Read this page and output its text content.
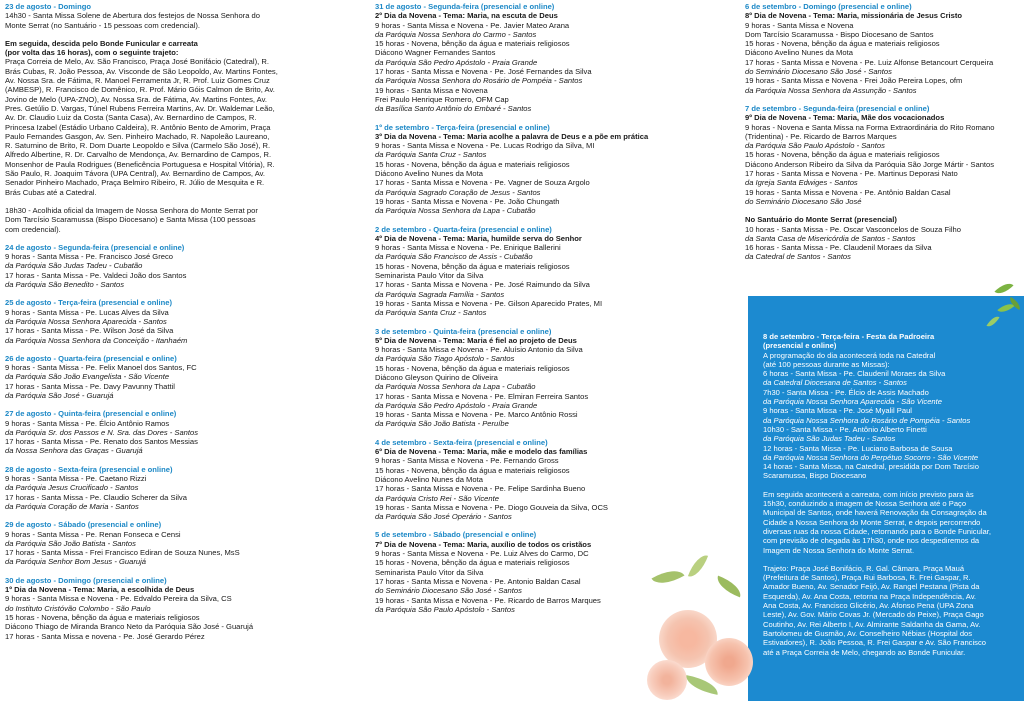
23 de agosto - Domingo
14h30 - Santa Missa Solene de Abertura dos festejos de Nossa Senhora do
Monte Serrat (no Santuário - 15 pessoas com credencial).
Em seguida, descida pelo Bonde Funicular e carreata
(por volta das 16 horas), com o seguinte trajeto:
Praça Correia de Melo, Av. São Francisco, Praça José Bonifácio (Catedral), R.
Brás Cubas, R. João Pessoa, Av. Visconde de São Leopoldo, Av. Martins Fontes,
Av. Nossa Sra. de Fátima, R. Manoel Ferramenta Jr, R. Prof. Luiz Gomes Cruz
(AMBESP), R. Francisco de Domênico, R. Prof. Mário Góis Calmon de Brito, Av.
Jovino de Melo (UPA-ZNO), Av. Nossa Sra. de Fátima, Av. Martins Fontes, Av.
Pres. Getúlio D. Vargas, Túnel Rubens Ferreira Martins, Av. Dr. Waldemar Leão,
Av. Dr. Claudio Luiz da Costa (Santa Casa), Av. Bernardino de Campos, R.
Princesa Izabel (Estádio Urbano Caldeira), R. Antônio Bento de Amorim, Praça
Paulo Fernandes Gasgon, Av. Sen. Pinheiro Machado, R. Napoleão Laureano,
R. Saturnino de Brito, R. Dom Duarte Leopoldo e Silva (Carmelo São José), R.
Alfredo Albertine, R. Dr. Carvalho de Mendonça, Av. Bernardino de Campos, R.
Monsenhor de Paula Rodrigues (Beneficência Portuguesa e Hospital Vitória), R.
São Paulo, R. Joaquim Távora (UPA Central), Av. Bernardino de Campos, Av.
Senador Pinheiro Machado, Praça Belmiro Ribeiro, R. Júlio de Mesquita e R.
Brás Cubas até a Catedral.
18h30 - Acolhida oficial da Imagem de Nossa Senhora do Monte Serrat por
Dom Tarcísio Scaramussa (Bispo Diocesano) e Santa Missa (100 pessoas
com credencial).
24 de agosto - Segunda-feira (presencial e online)
9 horas - Santa Missa - Pe. Francisco José Greco
da Paróquia São Judas Tadeu - Cubatão
17 horas - Santa Missa - Pe. Valdeci João dos Santos
da Paróquia São Benedito - Santos
25 de agosto - Terça-feira (presencial e online)
9 horas - Santa Missa - Pe. Lucas Alves da Silva
da Paróquia Nossa Senhora Aparecida - Santos
17 horas - Santa Missa - Pe. Wilson José da Silva
da Paróquia Nossa Senhora da Conceição - Itanhaém
26 de agosto - Quarta-feira (presencial e online)
9 horas - Santa Missa - Pe. Felix Manoel dos Santos, FC
da Paróquia São João Evangelista - São Vicente
17 horas - Santa Missa - Pe. Davy Pavunny Thattil
da Paróquia São José - Guarujá
27 de agosto - Quinta-feira (presencial e online)
9 horas - Santa Missa - Pe. Élcio Antônio Ramos
da Paróquia Sr. dos Passos e N. Sra. das Dores - Santos
17 horas - Santa Missa - Pe. Renato dos Santos Messias
da Nossa Senhora das Graças - Guarujá
28 de agosto - Sexta-feira (presencial e online)
9 horas - Santa Missa - Pe. Caetano Rizzi
da Paróquia Jesus Crucificado - Santos
17 horas - Santa Missa - Pe. Claudio Scherer da Silva
da Paróquia Coração de Maria - Santos
29 de agosto - Sábado (presencial e online)
9 horas - Santa Missa - Pe. Renan Fonseca e Censi
da Paróquia São João Batista - Santos
17 horas - Santa Missa - Frei Francisco Ediran de Souza Nunes, MsS
da Paróquia Senhor Bom Jesus - Guarujá
30 de agosto - Domingo (presencial e online)
1º Dia da Novena - Tema: Maria, a escolhida de Deus
9 horas - Santa Missa e Novena - Pe. Edvaldo Pereira da Silva, CS
do Instituto Cristóvão Colombo - São Paulo
15 horas - Novena, bênção da água e materiais religiosos
Diácono Thiago de Miranda Branco Neto da Paróquia São José - Guarujá
17 horas - Santa Missa e novena - Pe. José Gerardo Pérez
31 de agosto - Segunda-feira (presencial e online)
2º Dia da Novena - Tema: Maria, na escuta de Deus
9 horas - Santa Missa e Novena - Pe. Javier Mateo Arana
da Paróquia Nossa Senhora do Carmo - Santos
15 horas - Novena, bênção da água e materiais religiosos
Diácono Wagner Fernandes Santos
da Paróquia São Pedro Apóstolo - Praia Grande
17 horas - Santa Missa e Novena - Pe. José Fernandes da Silva
da Paróquia Nossa Senhora do Rosário de Pompéia - Santos
19 horas - Santa Missa e Novena
Frei Paulo Henrique Romero, OFM Cap
da Basílica Santo Antônio do Embaré - Santos
1º de setembro - Terça-feira (presencial e online)
3º Dia da Novena - Tema: Maria acolhe a palavra de Deus e a põe em prática
9 horas - Santa Missa e Novena - Pe. Lucas Rodrigo da Silva, MI
da Paróquia Santa Cruz - Santos
15 horas - Novena, bênção da água e materiais religiosos
Diácono Avelino Nunes da Mota
17 horas - Santa Missa e Novena - Pe. Vagner de Souza Argolo
da Paróquia Sagrado Coração de Jesus - Santos
19 horas - Santa Missa e Novena - Pe. João Chungath
da Paróquia Nossa Senhora da Lapa - Cubatão
2 de setembro - Quarta-feira (presencial e online)
4º Dia de Novena - Tema: Maria, humilde serva do Senhor
9 horas - Santa Missa e Novena - Pe. Enirique Ballerini
da Paróquia São Francisco de Assis - Cubatão
15 horas - Novena, bênção da água e materiais religiosos
Seminarista Paulo Vitor da Silva
17 horas - Santa Missa e Novena - Pe. José Raimundo da Silva
da Paróquia Sagrada Família - Santos
19 horas - Santa Missa e Novena - Pe. Gilson Aparecido Prates, MI
da Paróquia Santa Cruz - Santos
3 de setembro - Quinta-feira (presencial e online)
5º Dia de Novena - Tema: Maria é fiel ao projeto de Deus
9 horas - Santa Missa e Novena - Pe. Aluísio Antonio da Silva
da Paróquia São Tiago Apóstolo - Santos
15 horas - Novena, bênção da água e materiais religiosos
Diácono Gleyson Quirino de Oliveira
da Paróquia Nossa Senhora da Lapa - Cubatão
17 horas - Santa Missa e Novena - Pe. Elmiran Ferreira Santos
da Paróquia São Pedro Apóstolo - Praia Grande
19 horas - Santa Missa e Novena - Pe. Marco Antônio Rossi
da Paróquia São João Batista - Peruíbe
4 de setembro - Sexta-feira (presencial e online)
6º Dia de Novena - Tema: Maria, mãe e modelo das famílias
9 horas - Santa Missa e Novena - Pe. Fernando Gross
15 horas - Novena, bênção da água e materiais religiosos
Diácono Avelino Nunes da Mota
17 horas - Santa Missa e Novena - Pe. Felipe Sardinha Bueno
da Paróquia Cristo Rei - São Vicente
19 horas - Santa Missa e Novena - Pe. Diogo Gouveia da Silva, OCS
da Paróquia São José Operário - Santos
5 de setembro - Sábado (presencial e online)
7º Dia de Novena - Tema: Maria, auxílio de todos os cristãos
9 horas - Santa Missa e Novena - Pe. Luiz Alves do Carmo, DC
15 horas - Novena, bênção da água e materiais religiosos
Seminarista Paulo Vitor da Silva
17 horas - Santa Missa e Novena - Pe. Antonio Baldan Casal
do Seminário Diocesano São José - Santos
19 horas - Santa Missa e Novena - Pe. Ricardo de Barros Marques
da Paróquia São Paulo Apóstolo - Santos
6 de setembro - Domingo (presencial e online)
8º Dia de Novena - Tema: Maria, missionária de Jesus Cristo
9 horas - Santa Missa e Novena
Dom Tarcísio Scaramussa - Bispo Diocesano de Santos
15 horas - Novena, bênção da água e materiais religiosos
Diácono Avelino Nunes da Mota
17 horas - Santa Missa e Novena - Pe. Luiz Alfonse Betancourt Cerqueira
do Seminário Diocesano São José - Santos
19 horas - Santa Missa e Novena - Frei João Pereira Lopes, ofm
da Paróquia Nossa Senhora da Assunção - Santos
7 de setembro - Segunda-feira (presencial e online)
9º Dia de Novena - Tema: Maria, Mãe dos vocacionados
9 horas - Novena e Santa Missa na Forma Extraordinária do Rito Romano
(Tridentina) - Pe. Ricardo de Barros Marques
da Paróquia São Paulo Apóstolo - Santos
15 horas - Novena, bênção da água e materiais religiosos
Diácono Anderson Ribeiro da Silva da Paróquia São Jorge Mártir - Santos
17 horas - Santa Missa e Novena - Pe. Martinus Deporasi Nato
da Igreja Santa Edwiges - Santos
19 horas - Santa Missa e Novena - Pe. Antônio Baldan Casal
do Seminário Diocesano São José
No Santuário do Monte Serrat (presencial)
10 horas - Santa Missa - Pe. Oscar Vasconcelos de Souza Filho
da Santa Casa de Misericórdia de Santos - Santos
16 horas - Santa Missa - Pe. Claudenil Moraes da Silva
da Catedral de Santos - Santos
8 de setembro - Terça-feira - Festa da Padroeira
(presencial e online)
A programação do dia acontecerá toda na Catedral
(até 100 pessoas durante as Missas):
6 horas - Santa Missa - Pe. Claudenil Moraes da Silva
da Catedral Diocesana de Santos - Santos
7h30 - Santa Missa - Pe. Élcio de Assis Machado
da Paróquia Nossa Senhora Aparecida - São Vicente
9 horas - Santa Missa - Pe. José Myalil Paul
da Paróquia Nossa Senhora do Rosário de Pompéia - Santos
10h30 - Santa Missa - Pe. Antônio Alberto Finetti
da Paróquia São Judas Tadeu - Santos
12 horas - Santa Missa - Pe. Luciano Barbosa de Sousa
da Paróquia Nossa Senhora do Perpétuo Socorro - São Vicente
14 horas - Santa Missa, na Catedral, presidida por Dom Tarcísio
Scaramussa, Bispo Diocesano
Em seguida acontecerá a carreata, com início previsto para às
15h30, conduzindo a imagem de Nossa Senhora até o Paço
Municipal de Santos, onde haverá Renovação da Consagração da
Cidade a Nossa Senhora do Monte Serrat, e depois percorrendo
diversas ruas da nossa Cidade, retornando para o Bonde Funicular,
com previsão de chegada às 17h30, onde nos despediremos da
Imagem de Nossa Senhora do Monte Serrat.
Trajeto: Praça José Bonifácio, R. Gal. Câmara, Praça Mauá
(Prefeitura de Santos), Praça Rui Barbosa, R. Frei Gaspar, R.
Amador Bueno, Av. Senador Feijó, Av. Rangel Pestana (Pista da
Esquerda), Av. Ana Costa, retorna na Praça Independência, Av.
Ana Costa, Av. Francisco Glicério, Av. Afonso Pena (UPA Zona
Leste), Av. Gov. Mário Covas Jr. (Mercado do Peixe), Praça Gago
Coutinho, Av. Rei Alberto I, Av. Almirante Saldanha da Gama, Av.
Bartolomeu de Gusmão, Av. Conselheiro Nébias (Hospital dos
Estivadores), R. João Pessoa, R. Frei Gaspar e Av. São Francisco
até a Praça Correia de Melo, chegando ao Bonde Funicular.
